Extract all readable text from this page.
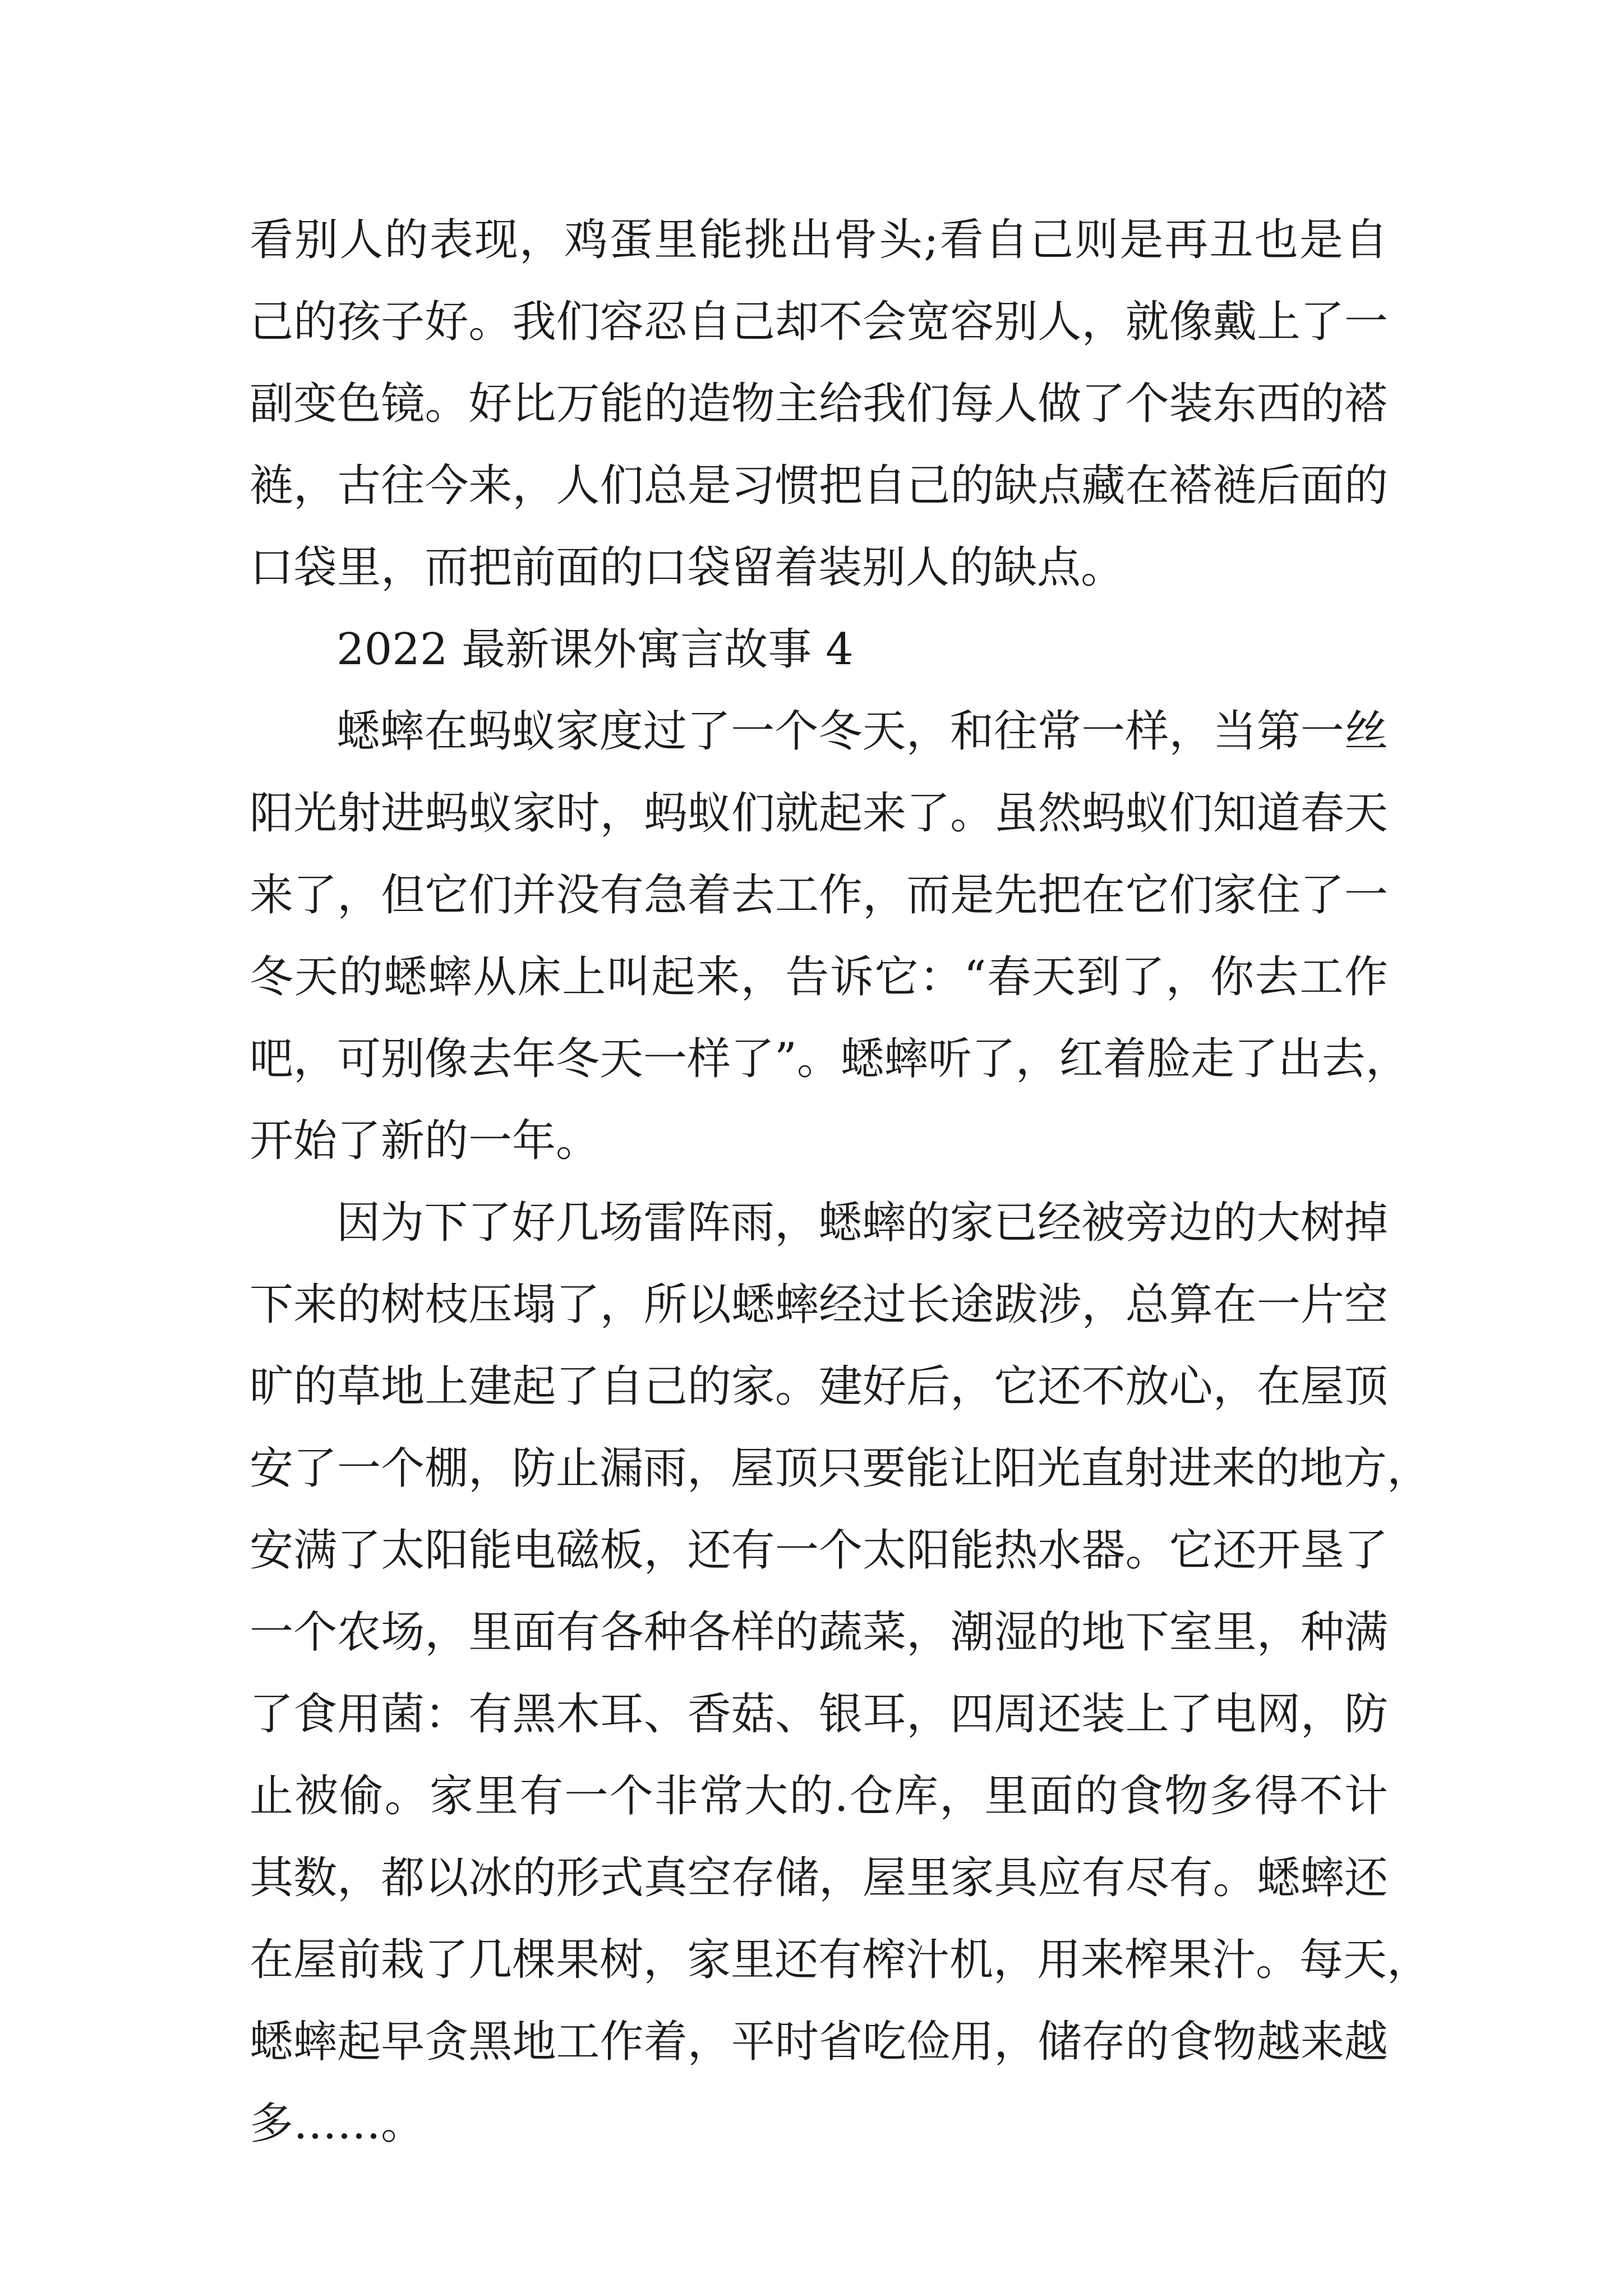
看别人的表现，鸡蛋里能挑出骨头;看自己则是再丑也是自
己的孩子好。我们容忍自己却不会宽容别人，就像戴上了一
副变色镜。好比万能的造物主给我们每人做了个装东西的褡
裢，古往今来，人们总是习惯把自己的缺点藏在褡裢后面的
口袋里，而把前面的口袋留着装别人的缺点。
2022 最新课外寓言故事 4
蟋蟀在蚂蚁家度过了一个冬天，和往常一样，当第一丝
阳光射进蚂蚁家时，蚂蚁们就起来了。虽然蚂蚁们知道春天
来了，但它们并没有急着去工作，而是先把在它们家住了一
冬天的蟋蟀从床上叫起来，告诉它：“春天到了，你去工作
吧，可别像去年冬天一样了”。蟋蟀听了，红着脸走了出去，
开始了新的一年。
因为下了好几场雷阵雨，蟋蟀的家已经被旁边的大树掉
下来的树枝压塌了，所以蟋蟀经过长途跋涉，总算在一片空
旷的草地上建起了自己的家。建好后，它还不放心，在屋顶
安了一个棚，防止漏雨，屋顶只要能让阳光直射进来的地方，
安满了太阳能电磁板，还有一个太阳能热水器。它还开垦了
一个农场，里面有各种各样的蔬菜，潮湿的地下室里，种满
了食用菌：有黑木耳、香菇、银耳，四周还装上了电网，防
止被偷。家里有一个非常大的.仓库，里面的食物多得不计
其数，都以冰的形式真空存储，屋里家具应有尽有。蟋蟀还
在屋前栽了几棵果树，家里还有榨汁机，用来榨果汁。每天，
蟋蟀起早贪黑地工作着，平时省吃俭用，储存的食物越来越
多……。
